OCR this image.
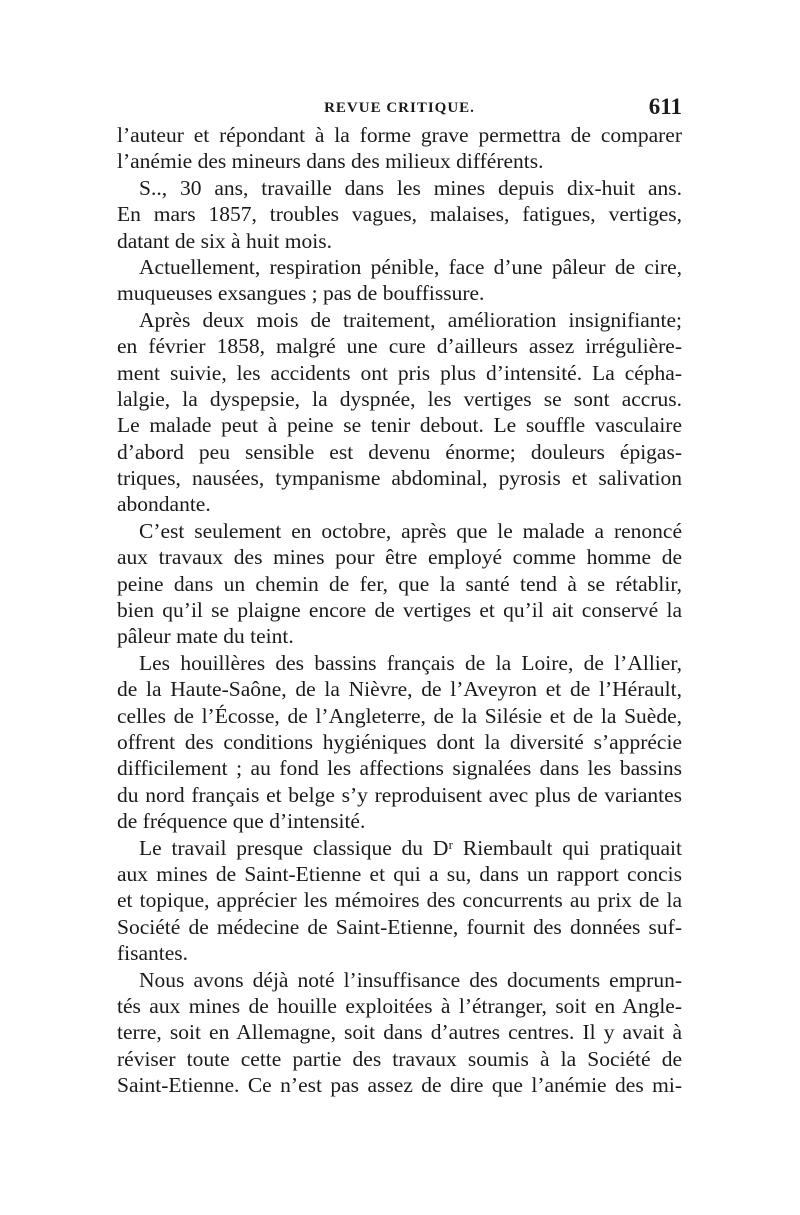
REVUE CRITIQUE.	611
l’auteur et répondant à la forme grave permettra de comparer
l’anémie des mineurs dans des milieux différents.
S.., 30 ans, travaille dans les mines depuis dix-huit ans.
En mars 1857, troubles vagues, malaises, fatigues, vertiges,
datant de six à huit mois.
Actuellement, respiration pénible, face d’une pâleur de cire,
muqueuses exsangues ; pas de bouffissure.
Après deux mois de traitement, amélioration insignifiante;
en février 1858, malgré une cure d’ailleurs assez irrégulière-
ment suivie, les accidents ont pris plus d’intensité. La cépha-
lalgie, la dyspepsie, la dyspnée, les vertiges se sont accrus.
Le malade peut à peine se tenir debout. Le souffle vasculaire
d’abord peu sensible est devenu énorme; douleurs épigas-
triques, nausées, tympanisme abdominal, pyrosis et salivation
abondante.
C’est seulement en octobre, après que le malade a renoncé
aux travaux des mines pour être employé comme homme de
peine dans un chemin de fer, que la santé tend à se rétablir,
bien qu’il se plaigne encore de vertiges et qu’il ait conservé la
pâleur mate du teint.
Les houillères des bassins français de la Loire, de l’Allier,
de la Haute-Saône, de la Nièvre, de l’Aveyron et de l’Hérault,
celles de l’Écosse, de l’Angleterre, de la Silésie et de la Suède,
offrent des conditions hygiéniques dont la diversité s’apprécie
difficilement ; au fond les affections signalées dans les bassins
du nord français et belge s’y reproduisent avec plus de variantes
de fréquence que d’intensité.
Le travail presque classique du Dʳ Riembault qui pratiquait
aux mines de Saint-Etienne et qui a su, dans un rapport concis
et topique, apprécier les mémoires des concurrents au prix de la
Société de médecine de Saint-Etienne, fournit des données suf-
fisantes.
Nous avons déjà noté l’insuffisance des documents emprun-
tés aux mines de houille exploitées à l’étranger, soit en Angle-
terre, soit en Allemagne, soit dans d’autres centres. Il y avait à
réviser toute cette partie des travaux soumis à la Société de
Saint-Etienne. Ce n’est pas assez de dire que l’anémie des mi-
